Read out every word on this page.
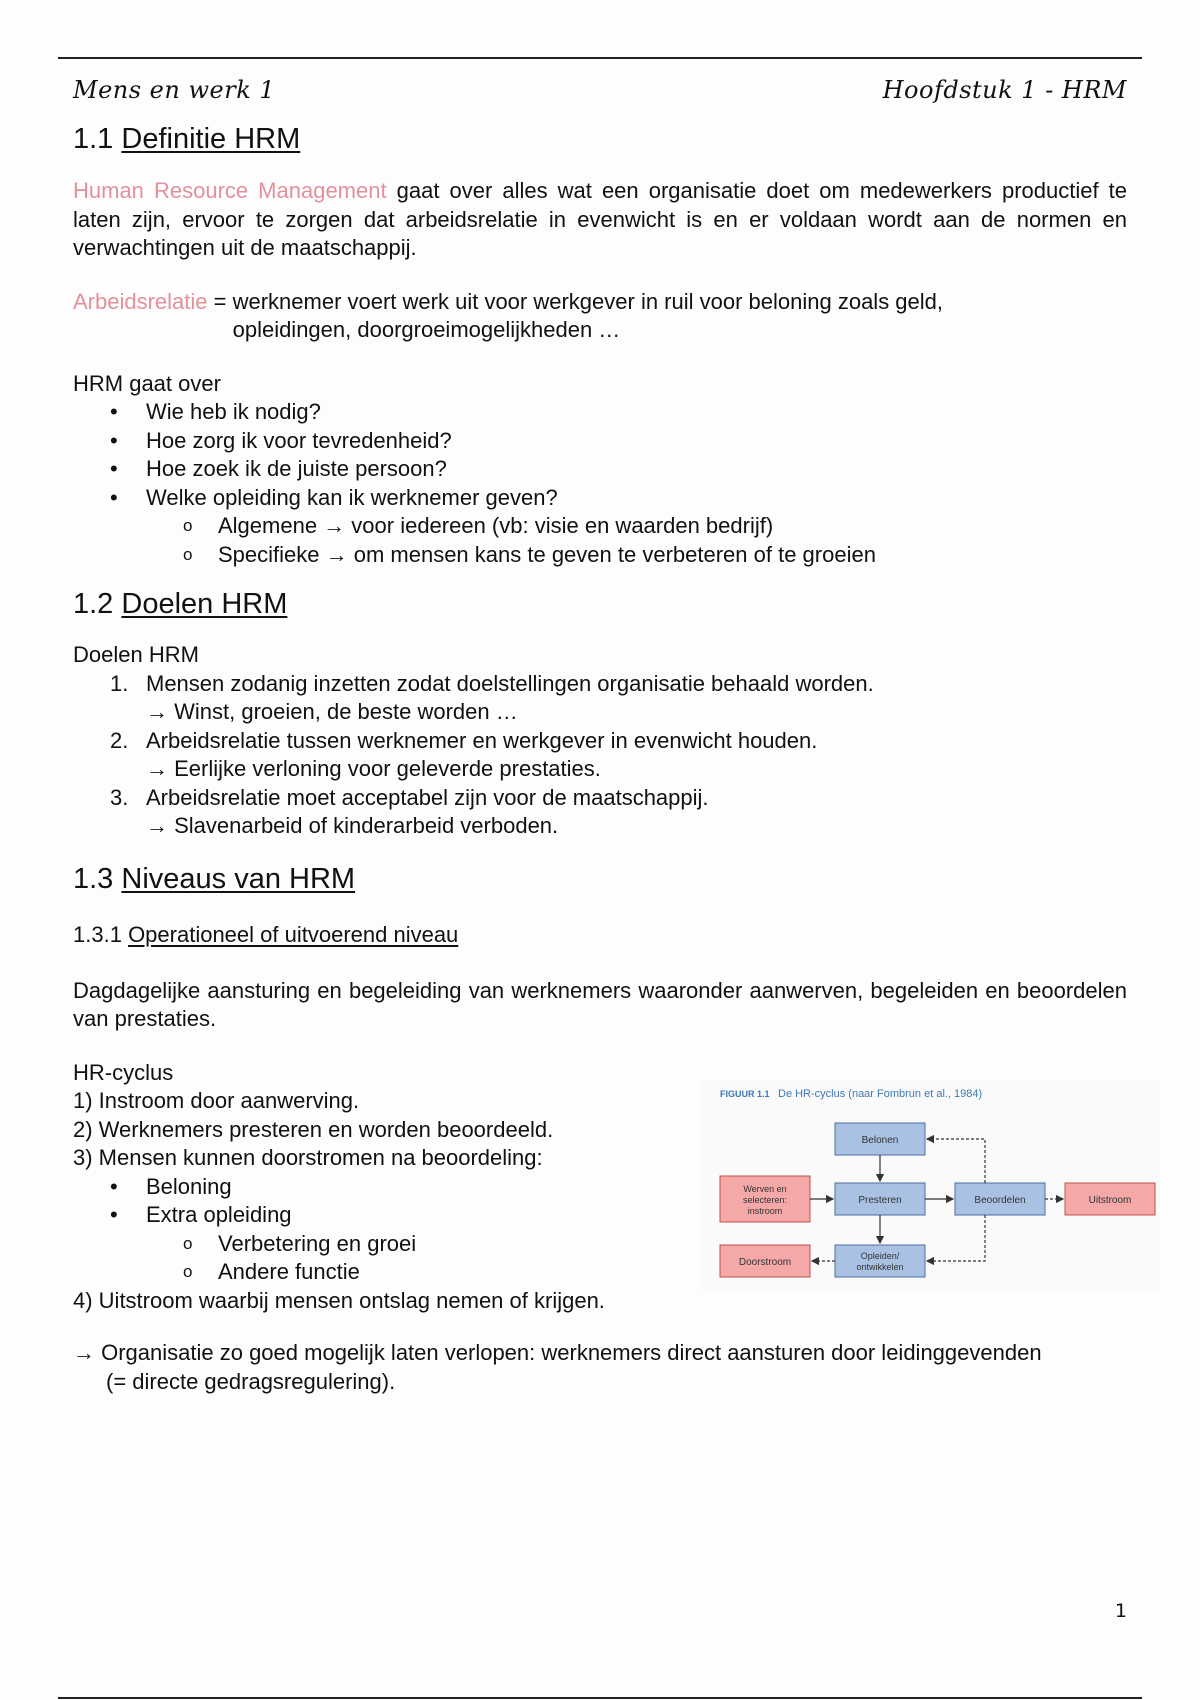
Mens en werk 1	Hoofdstuk 1 - HRM
1.1 Definitie HRM

Human Resource Management gaat over alles wat een organisatie doet om medewerkers productief te laten zijn, ervoor te zorgen dat arbeidsrelatie in evenwicht is en er voldaan wordt aan de normen en verwachtingen uit de maatschappij.

Arbeidsrelatie = werknemer voert werk uit voor werkgever in ruil voor beloning zoals geld, opleidingen, doorgroeimogelijkheden …

HRM gaat over

• Wie heb ik nodig?
• Hoe zorg ik voor tevredenheid?
• Hoe zoek ik de juiste persoon?
• Welke opleiding kan ik werknemer geven?
o Algemene → voor iedereen (vb: visie en waarden bedrijf)
o Specifieke → om mensen kans te geven te verbeteren of te groeien
1.2 Doelen HRM

Doelen HRM

1. Mensen zodanig inzetten zodat doelstellingen organisatie behaald worden.
→ Winst, groeien, de beste worden …
2. Arbeidsrelatie tussen werknemer en werkgever in evenwicht houden.
→ Eerlijke verloning voor geleverde prestaties.
3. Arbeidsrelatie moet acceptabel zijn voor de maatschappij.
→ Slavenarbeid of kinderarbeid verboden.
1.3 Niveaus van HRM
1.3.1 Operationeel of uitvoerend niveau

Dagdagelijke aansturing en begeleiding van werknemers waaronder aanwerven, begeleiden en beoordelen van prestaties.

HR-cyclus

1) Instroom door aanwerving.

2) Werknemers presteren en worden beoordeeld.

3) Mensen kunnen doorstromen na beoordeling:

• Beloning
• Extra opleiding
o Verbetering en groei
o Andere functie

4) Uitstroom waarbij mensen ontslag nemen of krijgen.

FIGUUR 1.1 De HR-cyclus (naar Fombrun et al., 1984)
Belonen
Werven en
selecteren:
instroom
Presteren	Beoordelen	Uitstroom
Doorstroom
Opleiden/
ontwikkelen

→ Organisatie zo goed mogelijk laten verlopen: werknemers direct aansturen door leidinggevenden
(= directe gedragsregulering).

1
